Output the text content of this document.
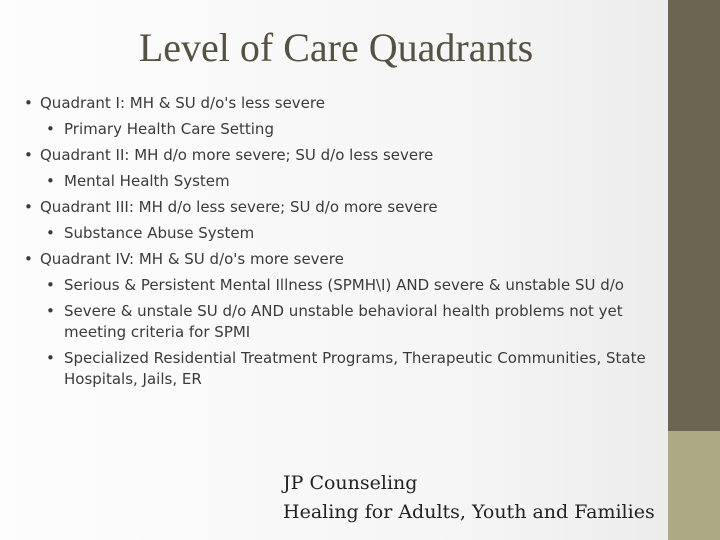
Level of Care Quadrants
• Quadrant I: MH & SU d/o's less severe
• Primary Health Care Setting
• Quadrant II: MH d/o more severe; SU d/o less severe
• Mental Health System
• Quadrant III: MH d/o less severe; SU d/o more severe
• Substance Abuse System
• Quadrant IV: MH & SU d/o's more severe
• Serious & Persistent Mental Illness (SPMH\I) AND severe & unstable SU d/o
• Severe & unstale SU d/o AND unstable behavioral health problems not yet meeting criteria for SPMI
• Specialized Residential Treatment Programs, Therapeutic Communities, State Hospitals, Jails, ER
JP Counseling
Healing for Adults, Youth and Families
